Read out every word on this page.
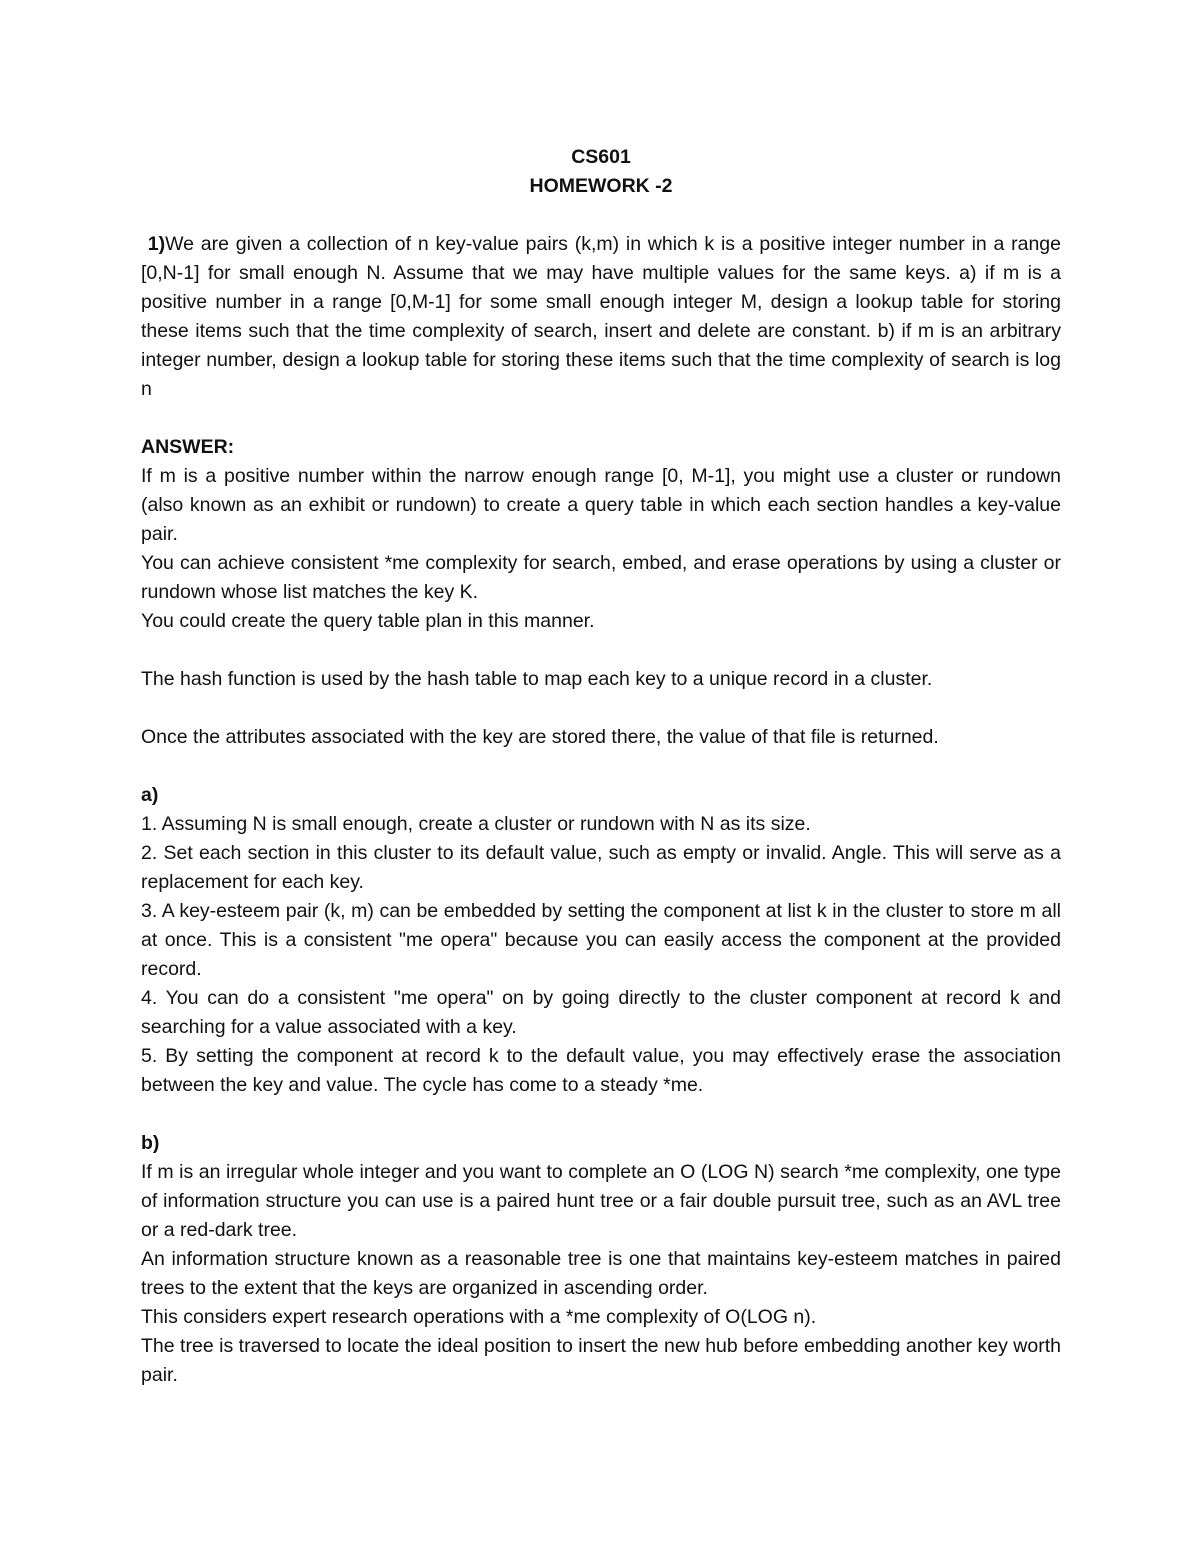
CS601

HOMEWORK -2

1)We are given a collection of n key-value pairs (k,m) in which k is a positive integer number in a range [0,N-1] for small enough N. Assume that we may have multiple values for the same keys. a) if m is a positive number in a range [0,M-1] for some small enough integer M, design a lookup table for storing these items such that the time complexity of search, insert and delete are constant. b) if m is an arbitrary integer number, design a lookup table for storing these items such that the time complexity of search is log n

ANSWER:

If m is a positive number within the narrow enough range [0, M-1], you might use a cluster or rundown (also known as an exhibit or rundown) to create a query table in which each section handles a key-value pair.

You can achieve consistent *me complexity for search, embed, and erase operations by using a cluster or rundown whose list matches the key K.

You could create the query table plan in this manner.

The hash function is used by the hash table to map each key to a unique record in a cluster.

Once the attributes associated with the key are stored there, the value of that file is returned.

a)

1. Assuming N is small enough, create a cluster or rundown with N as its size.

2. Set each section in this cluster to its default value, such as empty or invalid. Angle. This will serve as a replacement for each key.

3. A key-esteem pair (k, m) can be embedded by setting the component at list k in the cluster to store m all at once. This is a consistent "me opera" because you can easily access the component at the provided record.

4. You can do a consistent "me opera" on by going directly to the cluster component at record k and searching for a value associated with a key.

5. By setting the component at record k to the default value, you may effectively erase the association between the key and value. The cycle has come to a steady *me.

b)

If m is an irregular whole integer and you want to complete an O (LOG N) search *me complexity, one type of information structure you can use is a paired hunt tree or a fair double pursuit tree, such as an AVL tree or a red-dark tree.

An information structure known as a reasonable tree is one that maintains key-esteem matches in paired trees to the extent that the keys are organized in ascending order.

This considers expert research operations with a *me complexity of O(LOG n).

The tree is traversed to locate the ideal position to insert the new hub before embedding another key worth pair.
